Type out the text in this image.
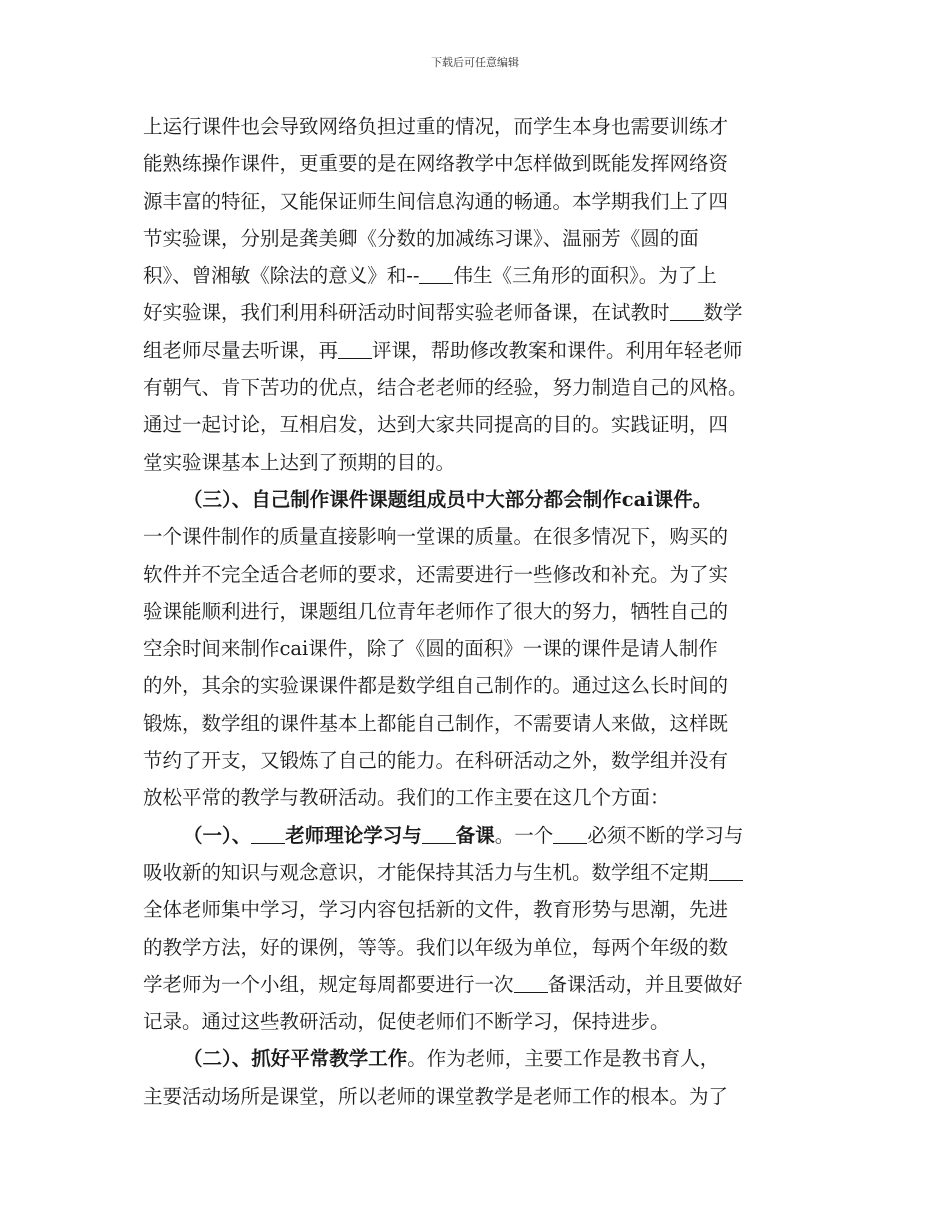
下载后可任意编辑
上运行课件也会导致网络负担过重的情况，而学生本身也需要训练才
能熟练操作课件，更重要的是在网络教学中怎样做到既能发挥网络资
源丰富的特征，又能保证师生间信息沟通的畅通。本学期我们上了四
节实验课，分别是龚美卿《分数的加减练习课》、温丽芳《圆的面
积》、曾湘敏《除法的意义》和-- 伟生《三角形的面积》。为了上
好实验课，我们利用科研活动时间帮实验老师备课，在试教时 数学
组老师尽量去听课，再 评课，帮助修改教案和课件。利用年轻老师
有朝气、肯下苦功的优点，结合老老师的经验，努力制造自己的风格。
通过一起讨论，互相启发，达到大家共同提高的目的。实践证明，四
堂实验课基本上达到了预期的目的。
（三）、自己制作课件课题组成员中大部分都会制作cai课件。
一个课件制作的质量直接影响一堂课的质量。在很多情况下，购买的
软件并不完全适合老师的要求，还需要进行一些修改和补充。为了实
验课能顺利进行，课题组几位青年老师作了很大的努力，牺牲自己的
空余时间来制作cai课件，除了《圆的面积》一课的课件是请人制作
的外，其余的实验课课件都是数学组自己制作的。通过这么长时间的
锻炼，数学组的课件基本上都能自己制作，不需要请人来做，这样既
节约了开支，又锻炼了自己的能力。在科研活动之外，数学组并没有
放松平常的教学与教研活动。我们的工作主要在这几个方面：
（一）、 老师理论学习与 备课。一个 必须不断的学习与
吸收新的知识与观念意识，才能保持其活力与生机。数学组不定期
全体老师集中学习，学习内容包括新的文件，教育形势与思潮，先进
的教学方法，好的课例，等等。我们以年级为单位，每两个年级的数
学老师为一个小组，规定每周都要进行一次 备课活动，并且要做好
记录。通过这些教研活动，促使老师们不断学习，保持进步。
（二）、抓好平常教学工作。作为老师，主要工作是教书育人，
主要活动场所是课堂，所以老师的课堂教学是老师工作的根本。为了
